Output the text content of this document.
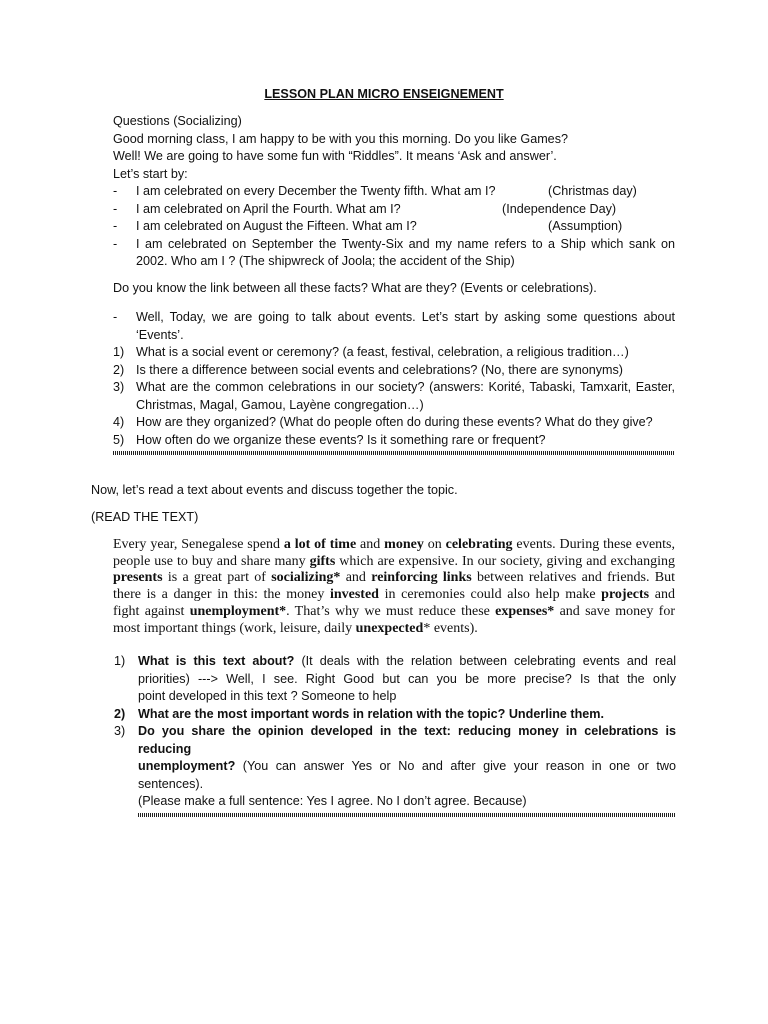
LESSON PLAN MICRO ENSEIGNEMENT
Questions (Socializing)
Good morning class, I am happy to be with you this morning. Do you like Games?
Well! We are going to have some fun with “Riddles”. It means ‘Ask and answer’.
Let’s start by:
- I am celebrated on every December the Twenty fifth. What am I?	(Christmas day)
- I am celebrated on April the Fourth. What am I?	(Independence Day)
- I am celebrated on August the Fifteen. What am I?	(Assumption)
- I am celebrated on September the Twenty-Six and my name refers to a Ship which sank on
2002. Who am I ? (The shipwreck of Joola; the accident of the Ship)
Do you know the link between all these facts? What are they? (Events or celebrations).
- Well, Today, we are going to talk about events. Let’s start by asking some questions about
‘Events’.
1) What is a social event or ceremony? (a feast, festival, celebration, a religious tradition…)
2) Is there a difference between social events and celebrations? (No, there are synonyms)
3) What are the common celebrations in our society? (answers: Korité, Tabaski, Tamxarit, Easter,
Christmas, Magal, Gamou, Layène congregation…)
4) How are they organized? (What do people often do during these events? What do they give?
5) How often do we organize these events? Is it something rare or frequent?
Now, let’s read a text about events and discuss together the topic.
(READ THE TEXT)
Every year, Senegalese spend a lot of time and money on celebrating events. During these events,
people use to buy and share many gifts which are expensive. In our society, giving and exchanging
presents is a great part of socializing* and reinforcing links between relatives and friends. But
there is a danger in this: the money invested in ceremonies could also help make projects and
fight against unemployment*. That’s why we must reduce these expenses* and save money for
most important things (work, leisure, daily unexpected* events).
1) What is this text about? (It deals with the relation between celebrating events and real
priorities) ---> Well, I see. Right Good but can you be more precise? Is that the only
point developed in this text ? Someone to help
2) What are the most important words in relation with the topic? Underline them.
3) Do you share the opinion developed in the text: reducing money in celebrations is reducing
unemployment? (You can answer Yes or No and after give your reason in one or two
sentences).
(Please make a full sentence: Yes I agree. No I don’t agree. Because)
